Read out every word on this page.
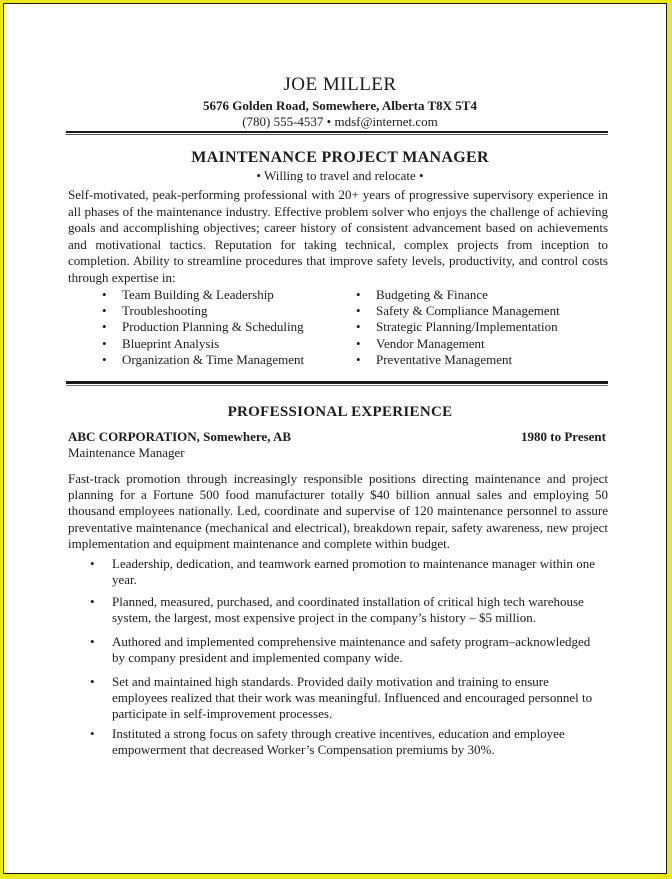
JOE MILLER
5676 Golden Road, Somewhere, Alberta T8X 5T4
(780) 555-4537 • mdsf@internet.com
MAINTENANCE PROJECT MANAGER
• Willing to travel and relocate •
Self-motivated, peak-performing professional with 20+ years of progressive supervisory experience in all phases of the maintenance industry. Effective problem solver who enjoys the challenge of achieving goals and accomplishing objectives; career history of consistent advancement based on achievements and motivational tactics. Reputation for taking technical, complex projects from inception to completion. Ability to streamline procedures that improve safety levels, productivity, and control costs through expertise in:
• Team Building & Leadership
• Troubleshooting
• Production Planning & Scheduling
• Blueprint Analysis
• Organization & Time Management
• Budgeting & Finance
• Safety & Compliance Management
• Strategic Planning/Implementation
• Vendor Management
• Preventative Management
PROFESSIONAL EXPERIENCE
ABC CORPORATION, Somewhere, AB	1980 to Present
Maintenance Manager
Fast-track promotion through increasingly responsible positions directing maintenance and project planning for a Fortune 500 food manufacturer totally $40 billion annual sales and employing 50 thousand employees nationally. Led, coordinate and supervise of 120 maintenance personnel to assure preventative maintenance (mechanical and electrical), breakdown repair, safety awareness, new project implementation and equipment maintenance and complete within budget.
•	Leadership, dedication, and teamwork earned promotion to maintenance manager within one year.
•	Planned, measured, purchased, and coordinated installation of critical high tech warehouse system, the largest, most expensive project in the company’s history – $5 million.
•	Authored and implemented comprehensive maintenance and safety program–acknowledged by company president and implemented company wide.
•	Set and maintained high standards. Provided daily motivation and training to ensure employees realized that their work was meaningful. Influenced and encouraged personnel to participate in self-improvement processes.
•	Instituted a strong focus on safety through creative incentives, education and employee empowerment that decreased Worker’s Compensation premiums by 30%.
